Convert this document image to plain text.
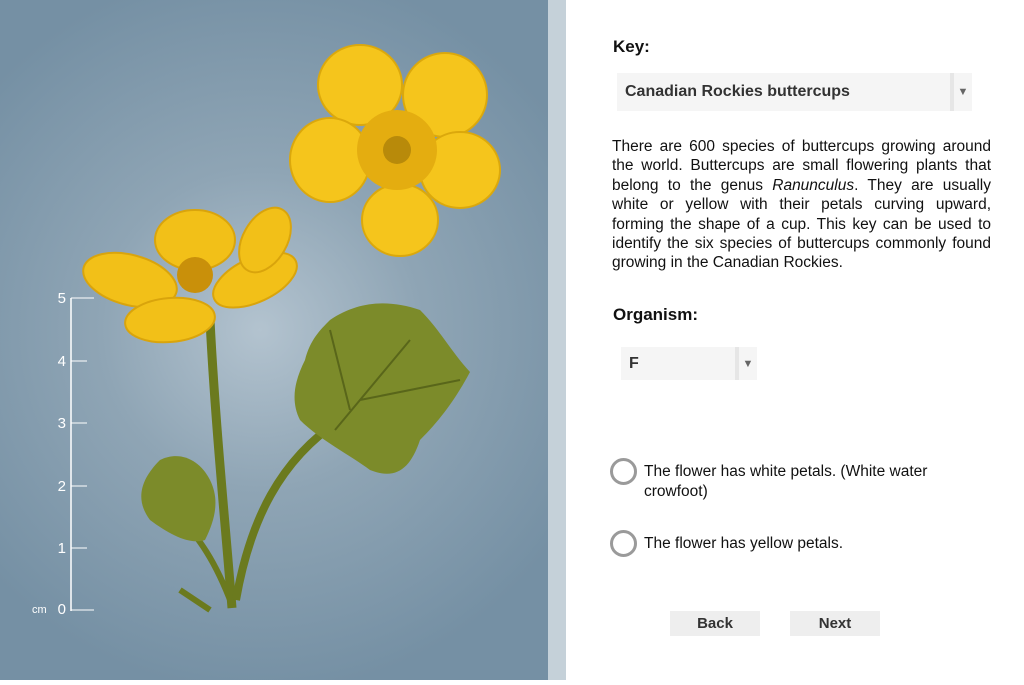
5
4
3
2
1
0
cm
Key:
Canadian Rockies buttercups	▼
There are 600 species of buttercups growing around the world. Buttercups are small flowering plants that belong to the genus Ranunculus. They are usually white or yellow with their petals curving upward, forming the shape of a cup. This key can be used to identify the six species of buttercups commonly found growing in the Canadian Rockies.
Organism:
F	▼
The flower has white petals. (White water crowfoot)
The flower has yellow petals.
Back	Next
